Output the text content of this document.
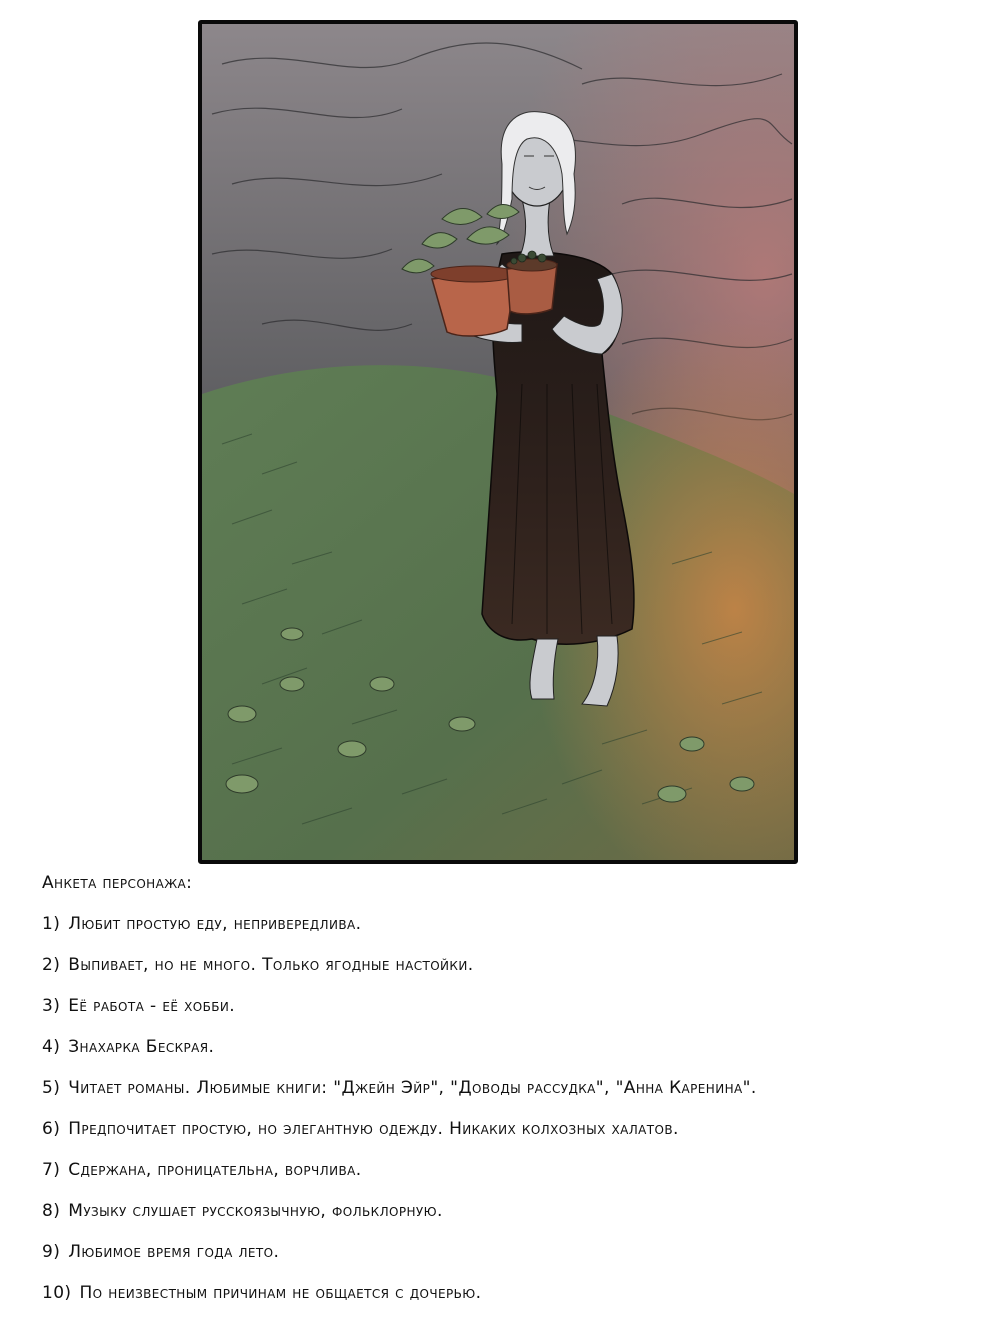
Анкета персонажа:
1) Любит простую еду, неприверeдлива.
2) Выпивает, но не много. Только ягодные настойки.
3) Её работа - её хобби.
4) Знахарка Бескрая.
5) Читает романы. Любимые книги: "Джейн Эйр", "Доводы рассудка", "Анна Каренина".
6) Предпочитает простую, но элегантную одежду. Никаких колхозных халатов.
7) Сдержана, проницательна, ворчлива.
8) Музыку слушает русскоязычную, фольклорную.
9) Любимое время года лето.
10) По неизвестным причинам не общается с дочерью.
